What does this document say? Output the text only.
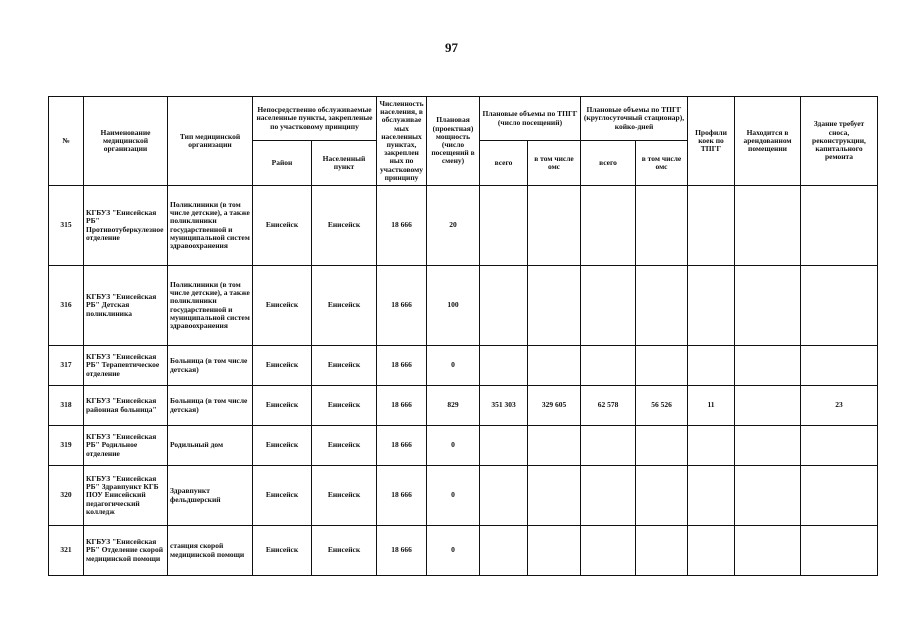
97
№	Наименование медицинской организации	Тип медицинской организации	Непосредственно обслуживаемые населенные пункты, закрепленые по участковому принципу		Численность населения, в обслуживае мых населенных пунктах, закреплен ных по участковому принципу	Плановая (проектная) мощность (число посещений в смену)	Плановые объемы по ТПГГ (число посещений)		Плановые объемы по ТПГГ (круглосуточный стационар), койко-дней		Профили коек по ТПГГ	Находится в арендованном помещении	Здание требует сноса, реконструкции, капитального ремонта
			Район	Населенный пункт			всего	в том числе омс	всего	в том числе омс			
315	КГБУЗ "Енисейская РБ" Противотуберкулезное отделение	Поликлиники (в том числе детские), а также поликлиники государственной и муниципальной систем здравоохранения	Енисейск	Енисейск	18 666	20							
316	КГБУЗ "Енисейская РБ" Детская поликлиника	Поликлиники (в том числе детские), а также поликлиники государственной и муниципальной систем здравоохранения	Енисейск	Енисейск	18 666	100							
317	КГБУЗ "Енисейская РБ" Терапевтическое отделение	Больница (в том числе детская)	Енисейск	Енисейск	18 666	0							
318	КГБУЗ "Енисейская районная больница"	Больница (в том числе детская)	Енисейск	Енисейск	18 666	829	351 303	329 605	62 578	56 526	11		23
319	КГБУЗ "Енисейская РБ" Родильное отделение	Родильный дом	Енисейск	Енисейск	18 666	0							
320	КГБУЗ "Енисейская РБ" Здравпункт КГБ ПОУ Енисейский педагогический колледж	Здравпункт фельдшерский	Енисейск	Енисейск	18 666	0							
321	КГБУЗ "Енисейская РБ" Отделение скорой медицинской помощи	станция скорой медицинской помощи	Енисейск	Енисейск	18 666	0							
